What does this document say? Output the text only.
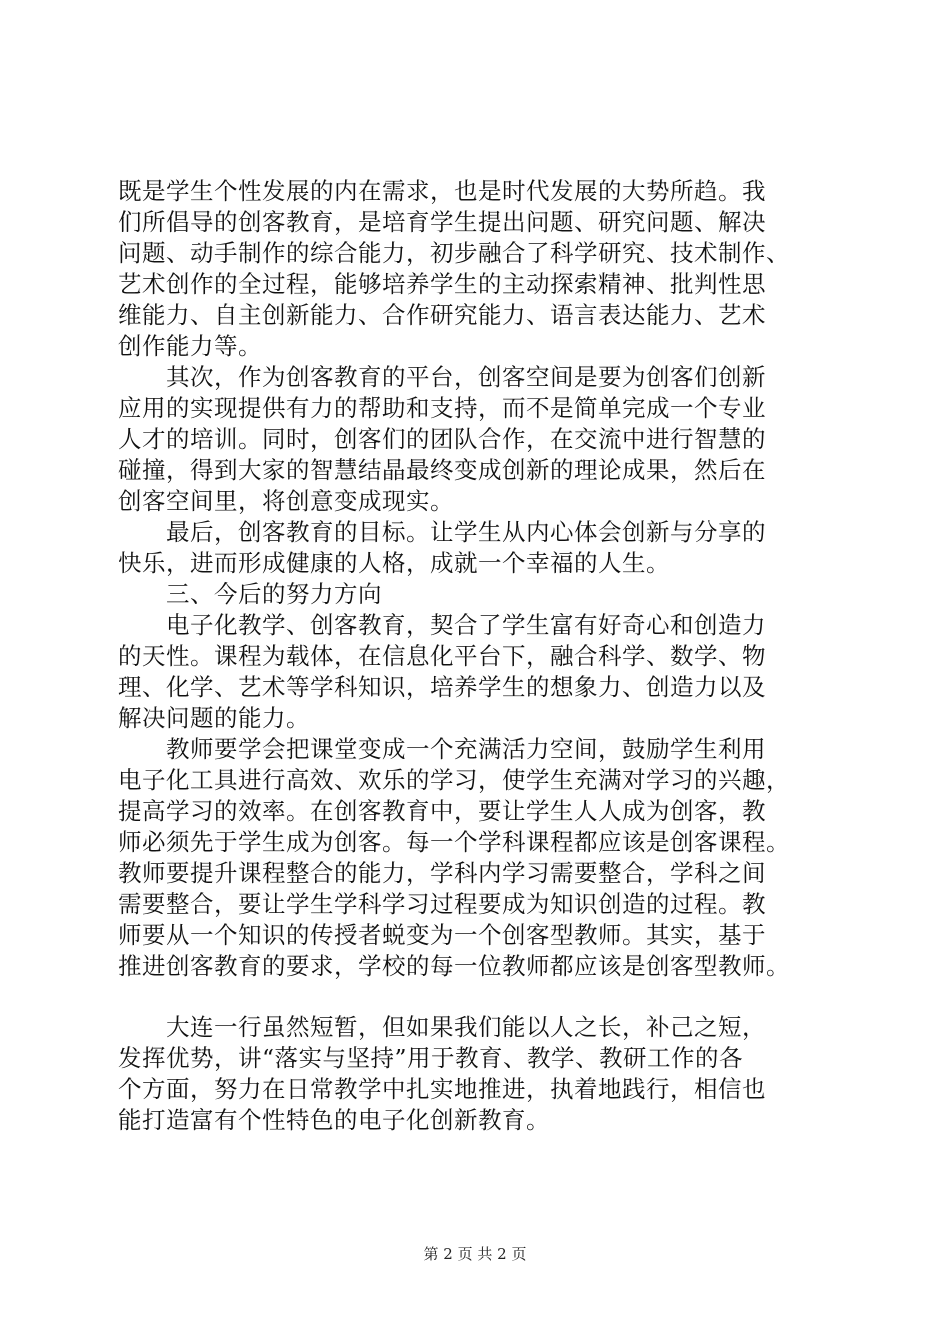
既是学生个性发展的内在需求，也是时代发展的大势所趋。我
们所倡导的创客教育，是培育学生提出问题、研究问题、解决
问题、动手制作的综合能力，初步融合了科学研究、技术制作、
艺术创作的全过程，能够培养学生的主动探索精神、批判性思
维能力、自主创新能力、合作研究能力、语言表达能力、艺术
创作能力等。
　　其次，作为创客教育的平台，创客空间是要为创客们创新
应用的实现提供有力的帮助和支持，而不是简单完成一个专业
人才的培训。同时，创客们的团队合作，在交流中进行智慧的
碰撞，得到大家的智慧结晶最终变成创新的理论成果，然后在
创客空间里，将创意变成现实。
　　最后，创客教育的目标。让学生从内心体会创新与分享的
快乐，进而形成健康的人格，成就一个幸福的人生。
　　三、今后的努力方向
　　电子化教学、创客教育，契合了学生富有好奇心和创造力
的天性。课程为载体，在信息化平台下，融合科学、数学、物
理、化学、艺术等学科知识，培养学生的想象力、创造力以及
解决问题的能力。
　　教师要学会把课堂变成一个充满活力空间，鼓励学生利用
电子化工具进行高效、欢乐的学习，使学生充满对学习的兴趣，
提高学习的效率。在创客教育中，要让学生人人成为创客，教
师必须先于学生成为创客。每一个学科课程都应该是创客课程。
教师要提升课程整合的能力，学科内学习需要整合，学科之间
需要整合，要让学生学科学习过程要成为知识创造的过程。教
师要从一个知识的传授者蜕变为一个创客型教师。其实，基于
推进创客教育的要求，学校的每一位教师都应该是创客型教师。
　　大连一行虽然短暂，但如果我们能以人之长，补己之短，
发挥优势，讲“落实与坚持”用于教育、教学、教研工作的各
个方面，努力在日常教学中扎实地推进，执着地践行，相信也
能打造富有个性特色的电子化创新教育。
第 2 页 共 2 页
